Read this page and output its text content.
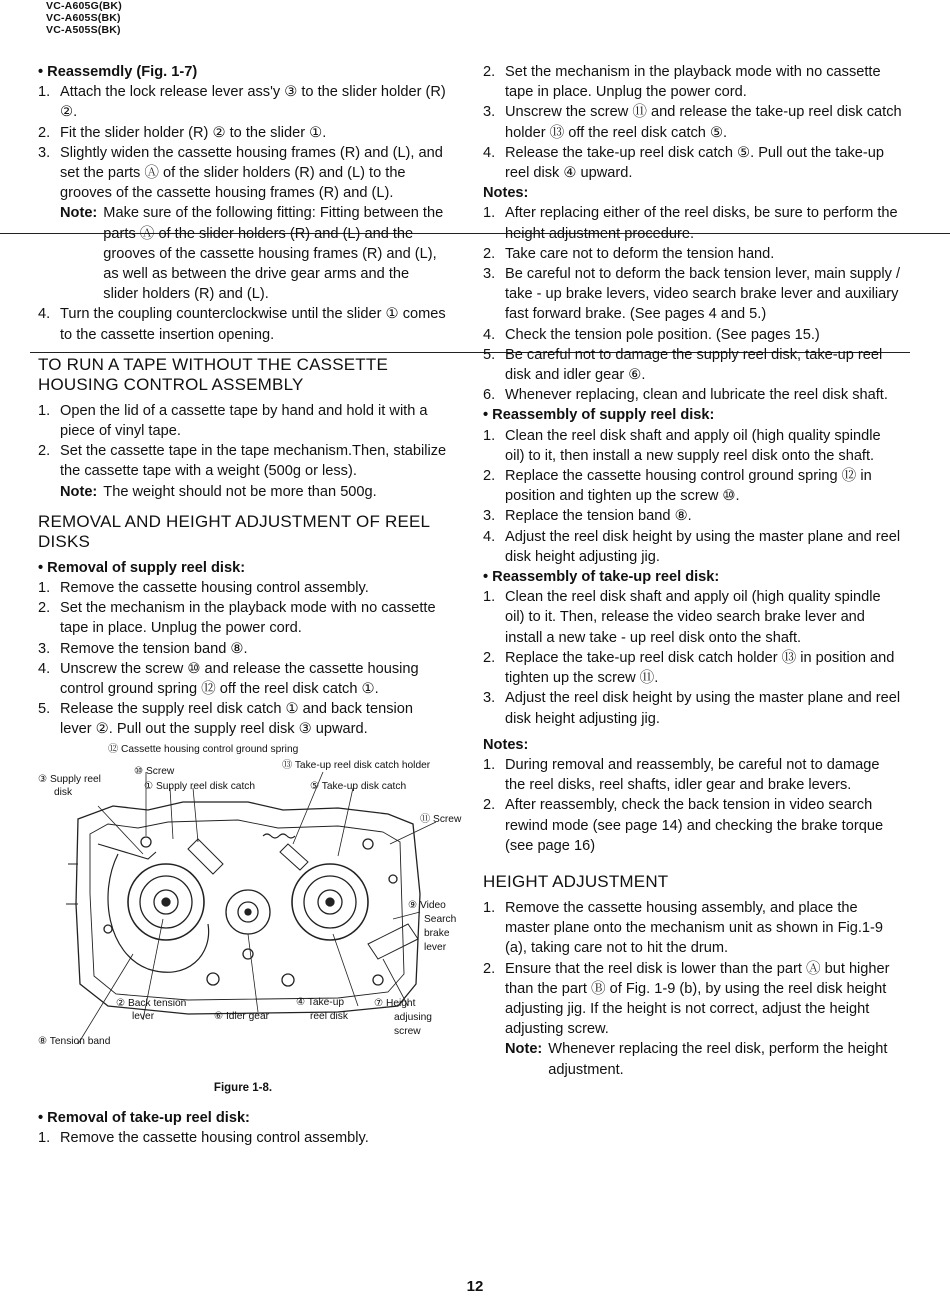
VC-A605G(BK)
VC-A605S(BK)
VC-A505S(BK)

• Reassemdly (Fig. 1-7)

1. Attach the lock release lever ass'y ③ to the slider holder (R) ②.
2. Fit the slider holder (R) ② to the slider ①.
3. Slightly widen the cassette housing frames (R) and (L), and set the parts Ⓐ of the slider holders (R) and (L) to the grooves of the cassette housing frames (R) and (L).
Note: Make sure of the following fitting: Fitting between the parts Ⓐ of the slider holders (R) and (L) and the grooves of the cassette housing frames (R) and (L), as well as between the drive gear arms and the slider holders (R) and (L).
4. Turn the coupling counterclockwise until the slider ① comes to the cassette insertion opening.
TO RUN A TAPE WITHOUT THE CASSETTE HOUSING CONTROL ASSEMBLY
1. Open the lid of a cassette tape by hand and hold it with a piece of vinyl tape.
2. Set the cassette tape in the tape mechanism.Then, stabilize the cassette tape with a weight (500g or less).
Note: The weight should not be more than 500g.
REMOVAL AND HEIGHT ADJUSTMENT OF REEL DISKS

• Removal of supply reel disk:

1. Remove the cassette housing control assembly.
2. Set the mechanism in the playback mode with no cassette tape in place. Unplug the power cord.
3. Remove the tension band ⑧.
4. Unscrew the screw ⑩ and release the cassette housing control ground spring ⑫ off the reel disk catch ①.
5. Release the supply reel disk catch ① and back tension lever ②. Pull out the supply reel disk ③ upward.
⑫ Cassette housing control ground spring
⑩ Screw
⑬ Take-up reel disk catch holder
③ Supply reel
disk
① Supply reel disk catch	⑤ Take-up disk catch
⑪ Screw
⑨ Video
Search
brake
lever
② Back tension
lever	⑥ Idler gear
④ Take-up
reel disk
⑦ Height
adjusing
screw
⑧ Tension band
Figure 1-8.

• Removal of take-up reel disk:

1. Remove the cassette housing control assembly.
2. Set the mechanism in the playback mode with no cassette tape in place. Unplug the power cord.
3. Unscrew the screw ⑪ and release the take-up reel disk catch holder ⑬ off the reel disk catch ⑤.
4. Release the take-up reel disk catch ⑤. Pull out the take-up reel disk ④ upward.

Notes:

1. After replacing either of the reel disks, be sure to perform the height adjustment procedure.
2. Take care not to deform the tension hand.
3. Be careful not to deform the back tension lever, main supply / take - up brake levers, video search brake lever and auxiliary fast forward brake. (See pages 4 and 5.)
4. Check the tension pole position. (See pages 15.)
5. Be careful not to damage the supply reel disk, take-up reel disk and idler gear ⑥.
6. Whenever replacing, clean and lubricate the reel disk shaft.

• Reassembly of supply reel disk:

1. Clean the reel disk shaft and apply oil (high quality spindle oil) to it, then install a new supply reel disk onto the shaft.
2. Replace the cassette housing control ground spring ⑫ in position and tighten up the screw ⑩.
3. Replace the tension band ⑧.
4. Adjust the reel disk height by using the master plane and reel disk height adjusting jig.

• Reassembly of take-up reel disk:

1. Clean the reel disk shaft and apply oil (high quality spindle oil) to it. Then, release the video search brake lever and install a new take - up reel disk onto the shaft.
2. Replace the take-up reel disk catch holder ⑬ in position and tighten up the screw ⑪.
3. Adjust the reel disk height by using the master plane and reel disk height adjusting jig.

Notes:

1. During removal and reassembly, be careful not to damage the reel disks, reel shafts, idler gear and brake levers.
2. After reassembly, check the back tension in video search rewind mode (see page 14) and checking the brake torque (see page 16)
HEIGHT ADJUSTMENT
1. Remove the cassette housing assembly, and place the master plane onto the mechanism unit as shown in Fig.1-9 (a), taking care not to hit the drum.
2. Ensure that the reel disk is lower than the part Ⓐ but higher than the part Ⓑ of Fig. 1-9 (b), by using the reel disk height adjusting jig. If the height is not correct, adjust the height adjusting screw.
Note: Whenever replacing the reel disk, perform the height adjustment.
12
